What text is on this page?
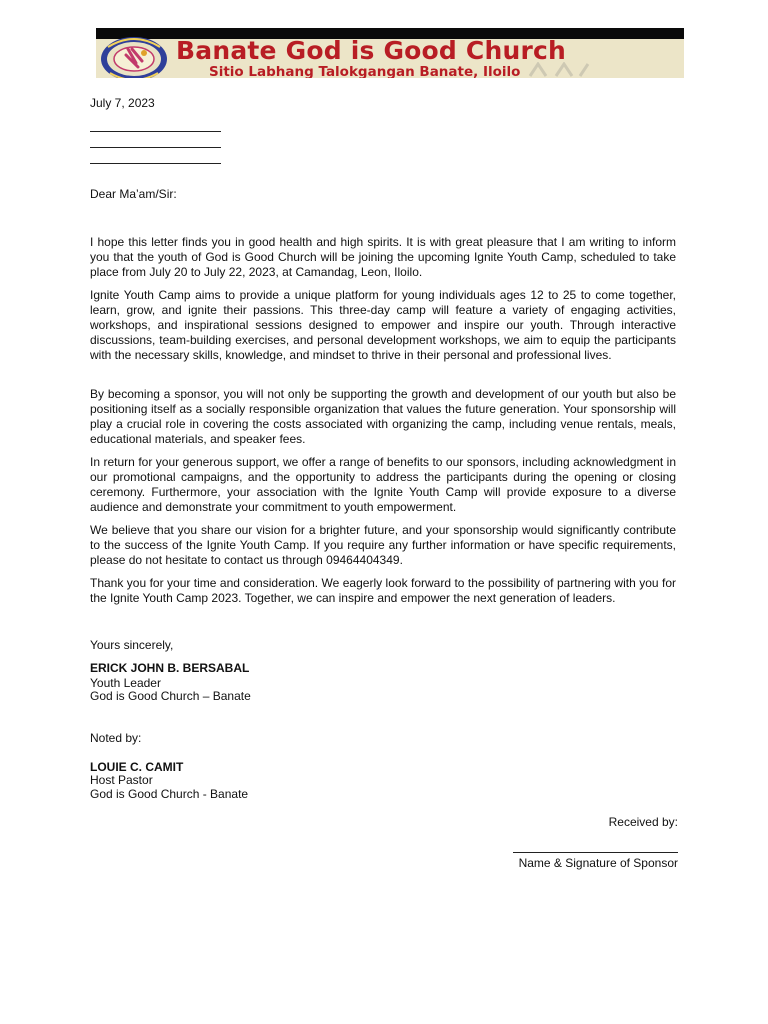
Banate God is Good Church
Sitio Labhang Talokgangan Banate, Iloilo
July 7, 2023
Dear Ma’am/Sir:
I hope this letter finds you in good health and high spirits. It is with great pleasure that I am writing to inform you that the youth of God is Good Church will be joining the upcoming Ignite Youth Camp, scheduled to take place from July 20 to July 22, 2023, at Camandag, Leon, Iloilo.
Ignite Youth Camp aims to provide a unique platform for young individuals ages 12 to 25 to come together, learn, grow, and ignite their passions. This three-day camp will feature a variety of engaging activities, workshops, and inspirational sessions designed to empower and inspire our youth. Through interactive discussions, team-building exercises, and personal development workshops, we aim to equip the participants with the necessary skills, knowledge, and mindset to thrive in their personal and professional lives.
By becoming a sponsor, you will not only be supporting the growth and development of our youth but also be positioning itself as a socially responsible organization that values the future generation. Your sponsorship will play a crucial role in covering the costs associated with organizing the camp, including venue rentals, meals, educational materials, and speaker fees.
In return for your generous support, we offer a range of benefits to our sponsors, including acknowledgment in our promotional campaigns, and the opportunity to address the participants during the opening or closing ceremony. Furthermore, your association with the Ignite Youth Camp will provide exposure to a diverse audience and demonstrate your commitment to youth empowerment.
We believe that you share our vision for a brighter future, and your sponsorship would significantly contribute to the success of the Ignite Youth Camp. If you require any further information or have specific requirements, please do not hesitate to contact us through 09464404349.
Thank you for your time and consideration. We eagerly look forward to the possibility of partnering with you for the Ignite Youth Camp 2023. Together, we can inspire and empower the next generation of leaders.
Yours sincerely,
ERICK JOHN B. BERSABAL
Youth Leader
God is Good Church – Banate
Noted by:
LOUIE C. CAMIT
Host Pastor
God is Good Church - Banate
Received by:
Name & Signature of Sponsor
